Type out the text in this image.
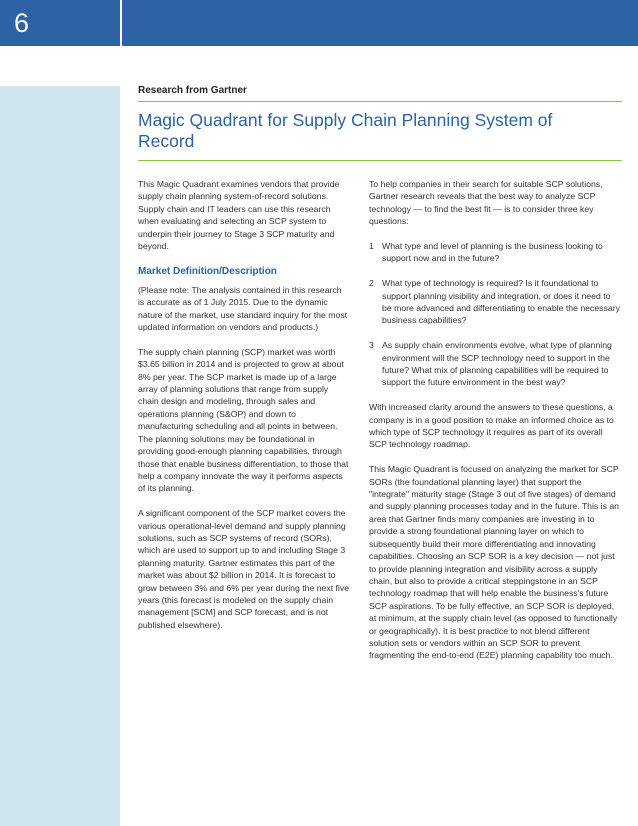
6
Research from Gartner
Magic Quadrant for Supply Chain Planning System of Record

This Magic Quadrant examines vendors that provide supply chain planning system-of-record solutions. Supply chain and IT leaders can use this research when evaluating and selecting an SCP system to underpin their journey to Stage 3 SCP maturity and beyond.

Market Definition/Description

(Please note: The analysis contained in this research is accurate as of 1 July 2015. Due to the dynamic nature of the market, use standard inquiry for the most updated information on vendors and products.)

The supply chain planning (SCP) market was worth $3.65 billion in 2014 and is projected to grow at about 8% per year. The SCP market is made up of a large array of planning solutions that range from supply chain design and modeling, through sales and operations planning (S&OP) and down to manufacturing scheduling and all points in between. The planning solutions may be foundational in providing good-enough planning capabilities, through those that enable business differentiation, to those that help a company innovate the way it performs aspects of its planning.

A significant component of the SCP market covers the various operational-level demand and supply planning solutions, such as SCP systems of record (SORs), which are used to support up to and including Stage 3 planning maturity. Gartner estimates this part of the market was about $2 billion in 2014. It is forecast to grow between 3% and 6% per year during the next five years (this forecast is modeled on the supply chain management [SCM] and SCP forecast, and is not published elsewhere).

To help companies in their search for suitable SCP solutions, Gartner research reveals that the best way to analyze SCP technology — to find the best fit — is to consider three key questions:

1 What type and level of planning is the business looking to support now and in the future?
2 What type of technology is required? Is it foundational to support planning visibility and integration, or does it need to be more advanced and differentiating to enable the necessary business capabilities?
3 As supply chain environments evolve, what type of planning environment will the SCP technology need to support in the future? What mix of planning capabilities will be required to support the future environment in the best way?

With increased clarity around the answers to these questions, a company is in a good position to make an informed choice as to which type of SCP technology it requires as part of its overall SCP technology roadmap.

This Magic Quadrant is focused on analyzing the market for SCP SORs (the foundational planning layer) that support the "integrate" maturity stage (Stage 3 out of five stages) of demand and supply planning processes today and in the future. This is an area that Gartner finds many companies are investing in to provide a strong foundational planning layer on which to subsequently build their more differentiating and innovating capabilities. Choosing an SCP SOR is a key decision — not just to provide planning integration and visibility across a supply chain, but also to provide a critical steppingstone in an SCP technology roadmap that will help enable the business's future SCP aspirations. To be fully effective, an SCP SOR is deployed, at minimum, at the supply chain level (as opposed to functionally or geographically). It is best practice to not blend different solution sets or vendors within an SCP SOR to prevent fragmenting the end-to-end (E2E) planning capability too much.
